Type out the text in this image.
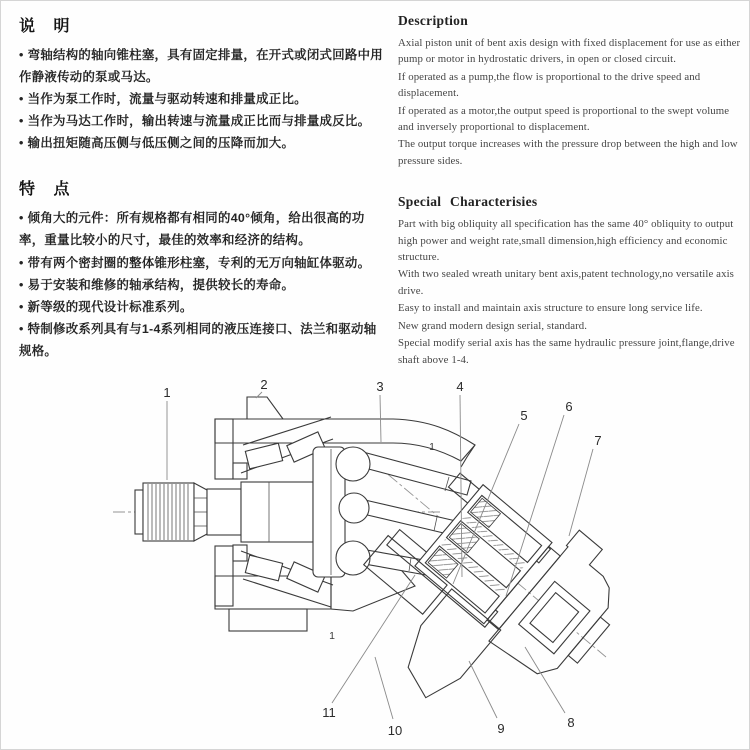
说 明
• 弯轴结构的轴向锥柱塞，具有固定排量，在开式或闭式回路中用作静液传动的泵或马达。
• 当作为泵工作时，流量与驱动转速和排量成正比。
• 当作为马达工作时，输出转速与流量成正比而与排量成反比。
• 输出扭矩随高压侧与低压侧之间的压降而加大。
特 点
• 倾角大的元件：所有规格都有相同的40°倾角，给出很高的功率，重量比较小的尺寸，最佳的效率和经济的结构。
• 带有两个密封圈的整体锥形柱塞，专利的无万向轴缸体驱动。
• 易于安装和维修的轴承结构，提供较长的寿命。
• 新等级的现代设计标准系列。
• 特制修改系列具有与1-4系列相同的液压连接口、法兰和驱动轴规格。
Description

Axial piston unit of bent axis design with fixed displacement for use as either pump or motor in hydrostatic drivers, in open or closed circuit.

If operated as a pump,the flow is proportional to the drive speed and displacement.

If operated as a motor,the output speed is proportional to the swept volume and inversely proportional to displacement.

The output torque increases with the pressure drop between the high and low pressure sides.

Special Characterisies

Part with big obliquity all specification has the same 40° obliquity to output high power and weight rate,small dimension,high efficiency and economic structure.

With two sealed wreath unitary bent axis,patent technology,no versatile axis drive.

Easy to install and maintain axis structure to ensure long service life.

New grand modern design serial, standard.

Special modify serial axis has the same hydraulic pressure joint,flange,drive shaft above 1-4.

1
2	3	4
5
6
7
8
9
10
11
1
1
